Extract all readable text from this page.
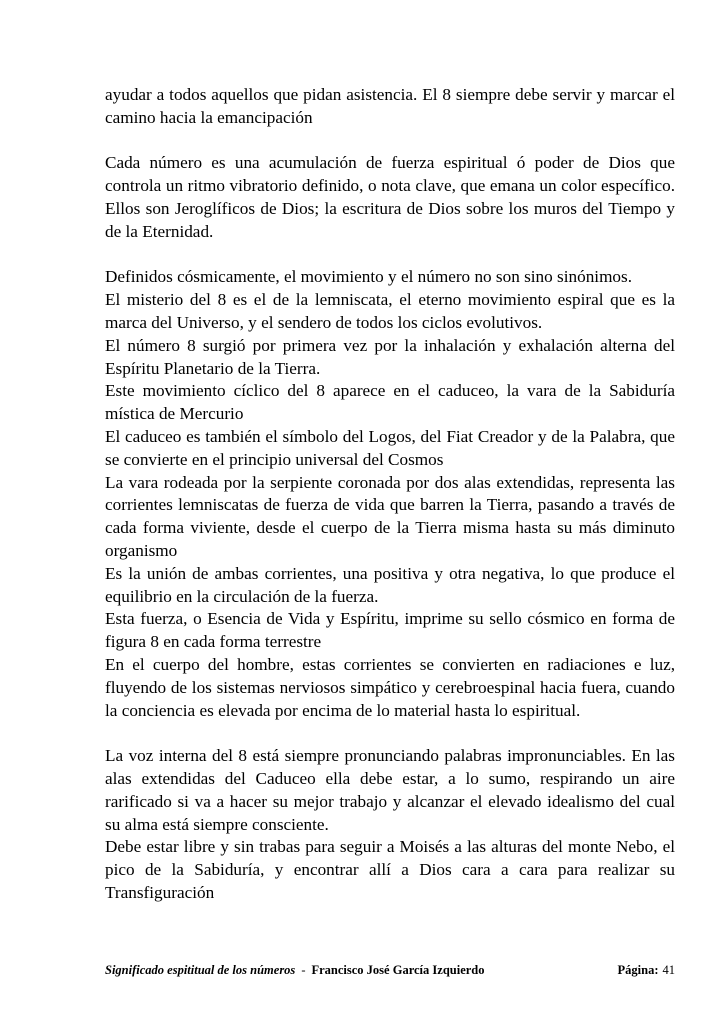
ayudar a todos aquellos que pidan asistencia. El 8 siempre debe servir y marcar el camino hacia la emancipación

Cada número es una acumulación de fuerza espiritual ó poder de Dios que controla un ritmo vibratorio definido, o nota clave, que emana un color específico. Ellos son Jeroglíficos de Dios; la escritura de Dios sobre los muros del Tiempo y de la Eternidad.

Definidos cósmicamente, el movimiento y el número no son sino sinónimos.

El misterio del 8 es el de la lemniscata, el eterno movimiento espiral que es la marca del Universo, y el sendero de todos los ciclos evolutivos.

El número 8 surgió por primera vez por la inhalación y exhalación alterna del Espíritu Planetario de la Tierra.

Este movimiento cíclico del 8 aparece en el caduceo, la vara de la Sabiduría mística de Mercurio

El caduceo es también el símbolo del Logos, del Fiat Creador y de la Palabra, que se convierte en el principio universal del Cosmos

La vara rodeada por la serpiente coronada por dos alas extendidas, representa las corrientes lemniscatas de fuerza de vida que barren la Tierra, pasando a través de cada forma viviente, desde el cuerpo de la Tierra misma hasta su más diminuto organismo

Es la unión de ambas corrientes, una positiva y otra negativa, lo que produce el equilibrio en la circulación de la fuerza.

Esta fuerza, o Esencia de Vida y Espíritu, imprime su sello cósmico en forma de figura 8 en cada forma terrestre

En el cuerpo del hombre, estas corrientes se convierten en radiaciones e luz, fluyendo de los sistemas nerviosos simpático y cerebroespinal hacia fuera, cuando la conciencia es elevada por encima de lo material hasta lo espiritual.

La voz interna del 8 está siempre pronunciando palabras impronunciables. En las alas extendidas del Caduceo ella debe estar, a lo sumo, respirando un aire rarificado si va a hacer su mejor trabajo y alcanzar el elevado idealismo del cual su alma está siempre consciente.

Debe estar libre y sin trabas para seguir a Moisés a las alturas del monte Nebo, el pico de la Sabiduría, y encontrar allí a Dios cara a cara para realizar su Transfiguración

Significado espititual de los números - Francisco José García Izquierdo	Página: 41
